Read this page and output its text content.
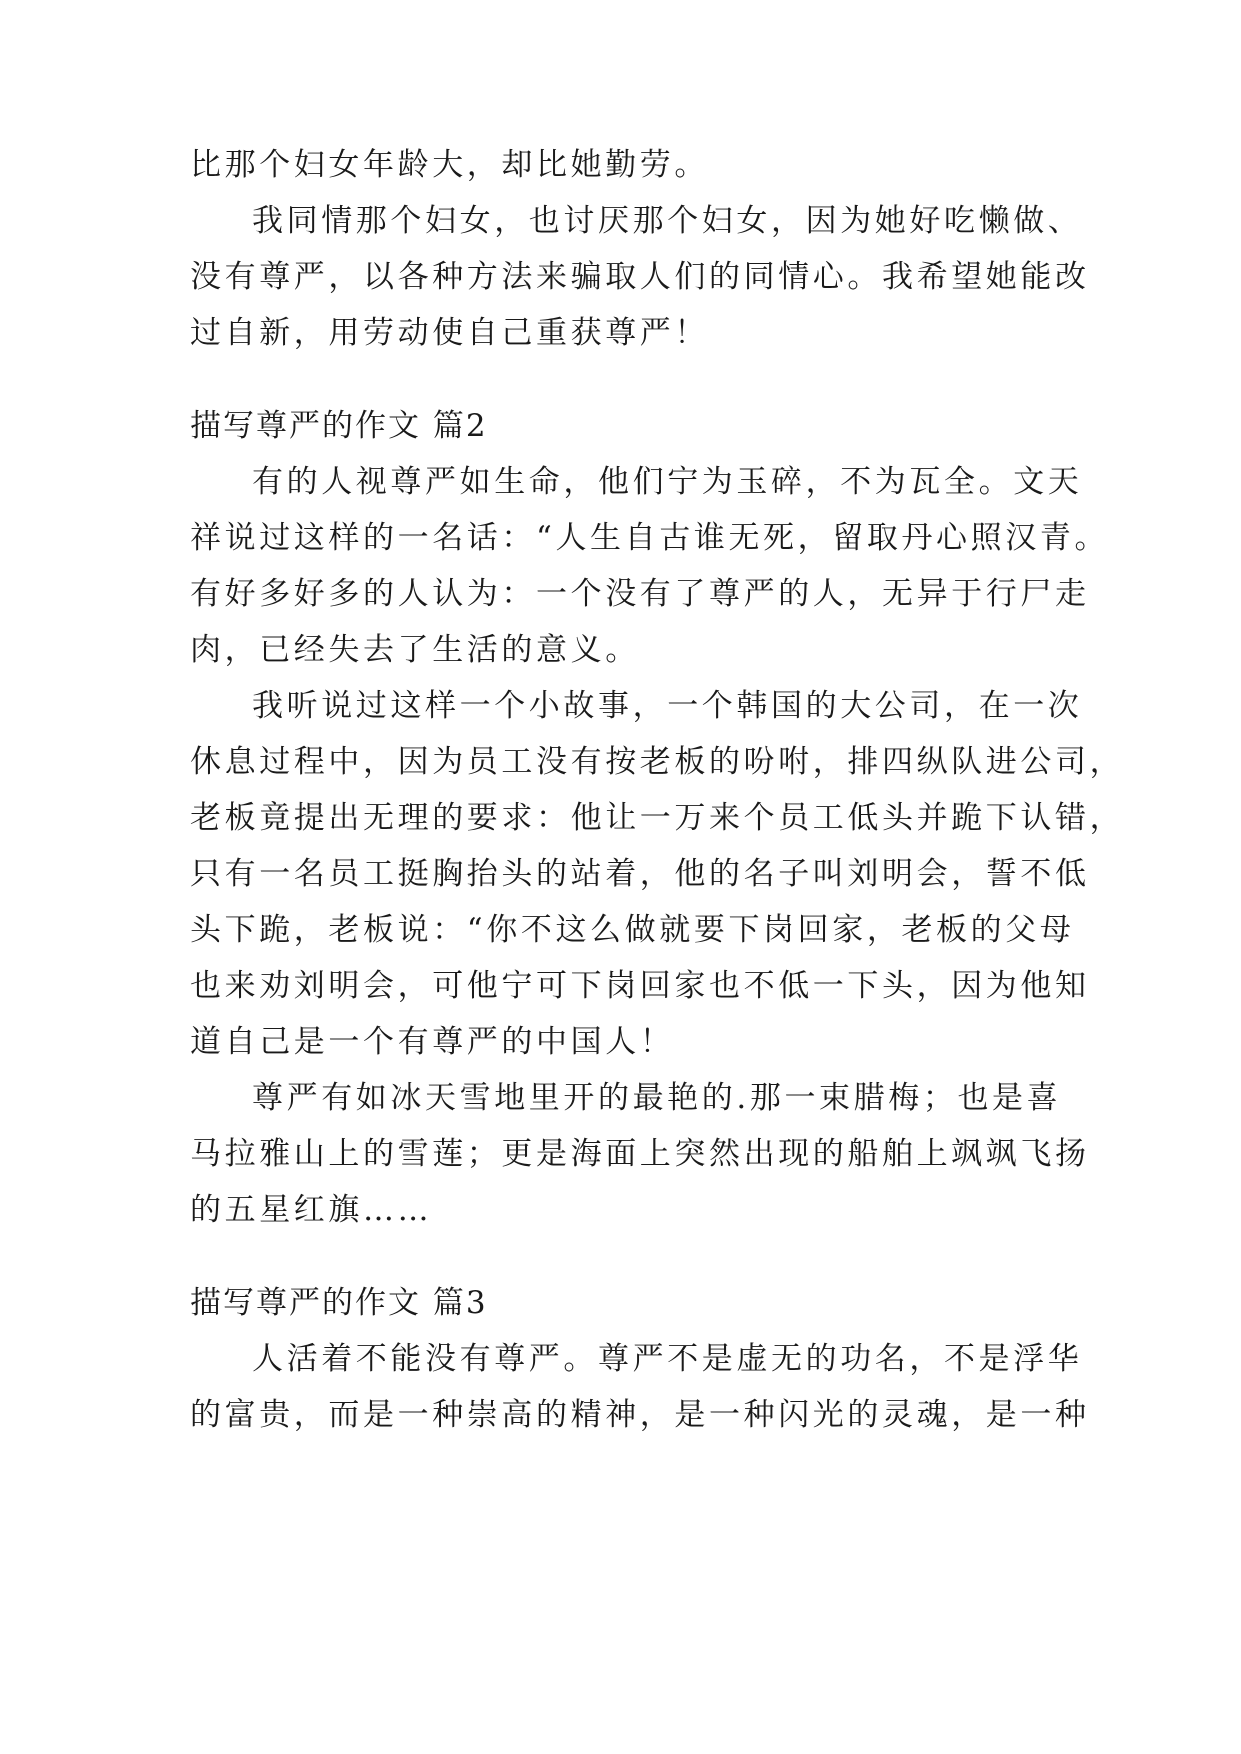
比那个妇女年龄大，却比她勤劳。
我同情那个妇女，也讨厌那个妇女，因为她好吃懒做、
没有尊严，以各种方法来骗取人们的同情心。我希望她能改
过自新，用劳动使自己重获尊严！
描写尊严的作文 篇2
有的人视尊严如生命，他们宁为玉碎，不为瓦全。文天
祥说过这样的一名话：“人生自古谁无死，留取丹心照汉青。
有好多好多的人认为：一个没有了尊严的人，无异于行尸走
肉，已经失去了生活的意义。
我听说过这样一个小故事，一个韩国的大公司，在一次
休息过程中，因为员工没有按老板的吩咐，排四纵队进公司，
老板竟提出无理的要求：他让一万来个员工低头并跪下认错，
只有一名员工挺胸抬头的站着，他的名子叫刘明会，誓不低
头下跪，老板说：“你不这么做就要下岗回家，老板的父母
也来劝刘明会，可他宁可下岗回家也不低一下头，因为他知
道自己是一个有尊严的中国人！
尊严有如冰天雪地里开的最艳的.那一束腊梅；也是喜
马拉雅山上的雪莲；更是海面上突然出现的船舶上飒飒飞扬
的五星红旗……
描写尊严的作文 篇3
人活着不能没有尊严。尊严不是虚无的功名，不是浮华
的富贵，而是一种崇高的精神，是一种闪光的灵魂，是一种
